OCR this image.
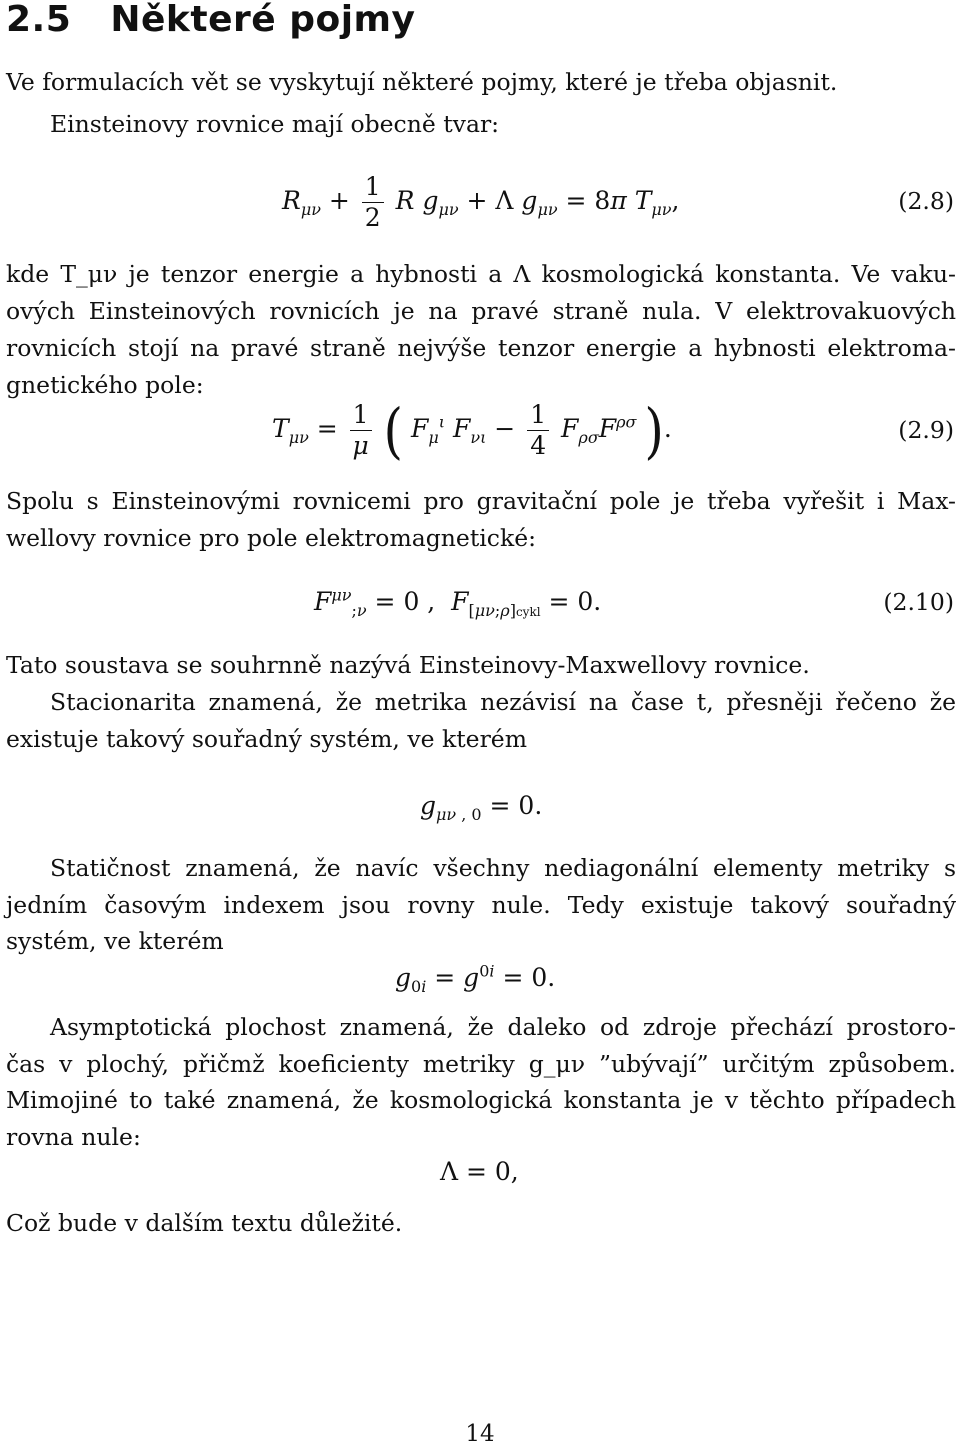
2.5 Některé pojmy

Ve formulacích vět se vyskytují některé pojmy, které je třeba objasnit.

Einsteinovy rovnice mají obecně tvar:

$R_{\mu\nu} + \frac{1}{2}$ R $g_{\mu\nu} + \Lambda$ $g_{\mu\nu} = 8\pi$ $T_{\mu\nu}$,	(2.8)

kde T_μν je tenzor energie a hybnosti a Λ kosmologická konstanta. Ve vaku-

ových Einsteinových rovnicích je na pravé straně nula. V elektrovakuových

rovnicích stojí na pravé straně nejvýše tenzor energie a hybnosti elektroma-

gnetického pole:

$T_{\mu\nu} = \frac{1}{\mu}$ ( $F_\mu^\iota$ $F_{\nu\iota} - \frac{1}{4} F_{\rho\sigma}F^{\rho\sigma}$ ).	(2.9)

Spolu s Einsteinovými rovnicemi pro gravitační pole je třeba vyřešit i Max-

wellovy rovnice pro pole elektromagnetické:

$F^{\mu\nu}_{;\nu} = 0$ ,  $F_{[\mu\nu;\rho]cykl} = 0$.	(2.10)

Tato soustava se souhrnně nazývá Einsteinovy-Maxwellovy rovnice.

Stacionarita znamená, že metrika nezávisí na čase t, přesněji řečeno že

existuje takový souřadný systém, ve kterém

$g_{\mu\nu , 0} = 0$.

Statičnost znamená, že navíc všechny nediagonální elementy metriky s

jedním časovým indexem jsou rovny nule. Tedy existuje takový souřadný

systém, ve kterém

$g_{0i} = g^{0i} = 0$.

Asymptotická plochost znamená, že daleko od zdroje přechází prostoro-

čas v plochý, přičmž koeficienty metriky g_μν ”ubývají” určitým způsobem.

Mimojiné to také znamená, že kosmologická konstanta je v těchto případech

rovna nule:

Λ = 0,

Což bude v dalším textu důležité.

14
